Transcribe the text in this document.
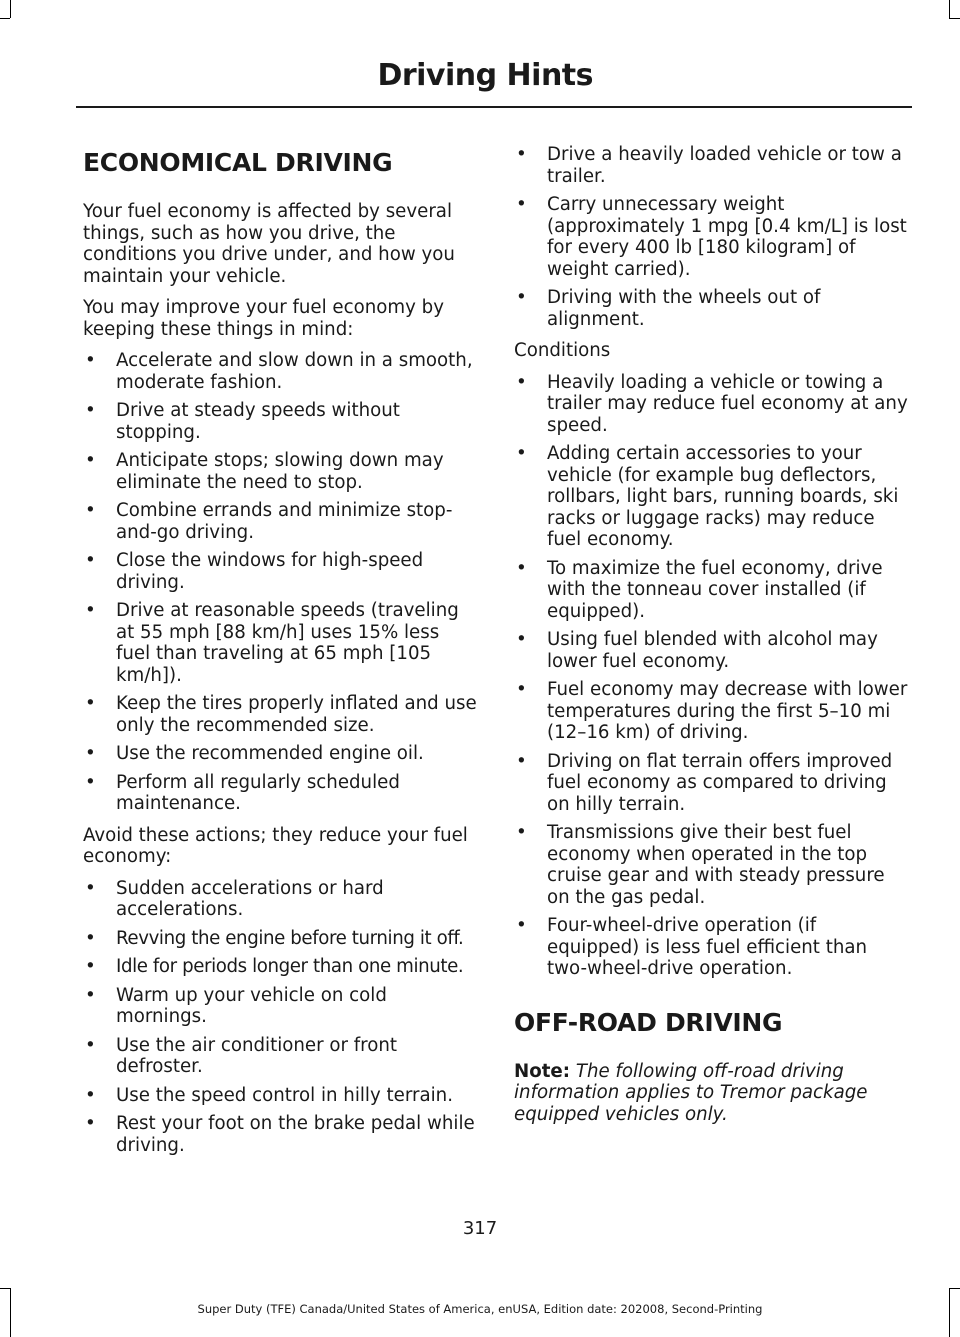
Driving Hints
ECONOMICAL DRIVING

Your fuel economy is affected by several things, such as how you drive, the conditions you drive under, and how you maintain your vehicle.

You may improve your fuel economy by keeping these things in mind:

• Accelerate and slow down in a smooth, moderate fashion.
• Drive at steady speeds without stopping.
• Anticipate stops; slowing down may eliminate the need to stop.
• Combine errands and minimize stop-and-go driving.
• Close the windows for high-speed driving.
• Drive at reasonable speeds (traveling at 55 mph [88 km/h] uses 15% less fuel than traveling at 65 mph [105 km/h]).
• Keep the tires properly inflated and use only the recommended size.
• Use the recommended engine oil.
• Perform all regularly scheduled maintenance.

Avoid these actions; they reduce your fuel economy:

• Sudden accelerations or hard accelerations.
• Revving the engine before turning it off.
• Idle for periods longer than one minute.
• Warm up your vehicle on cold mornings.
• Use the air conditioner or front defroster.
• Use the speed control in hilly terrain.
• Rest your foot on the brake pedal while driving.
• Drive a heavily loaded vehicle or tow a trailer.
• Carry unnecessary weight (approximately 1 mpg [0.4 km/L] is lost for every 400 lb [180 kilogram] of weight carried).
• Driving with the wheels out of alignment.

Conditions

• Heavily loading a vehicle or towing a trailer may reduce fuel economy at any speed.
• Adding certain accessories to your vehicle (for example bug deflectors, rollbars, light bars, running boards, ski racks or luggage racks) may reduce fuel economy.
• To maximize the fuel economy, drive with the tonneau cover installed (if equipped).
• Using fuel blended with alcohol may lower fuel economy.
• Fuel economy may decrease with lower temperatures during the first 5–10 mi (12–16 km) of driving.
• Driving on flat terrain offers improved fuel economy as compared to driving on hilly terrain.
• Transmissions give their best fuel economy when operated in the top cruise gear and with steady pressure on the gas pedal.
• Four-wheel-drive operation (if equipped) is less fuel efficient than two-wheel-drive operation.
OFF-ROAD DRIVING

Note: The following off-road driving information applies to Tremor package equipped vehicles only.

317
Super Duty (TFE) Canada/United States of America, enUSA, Edition date: 202008, Second-Printing
